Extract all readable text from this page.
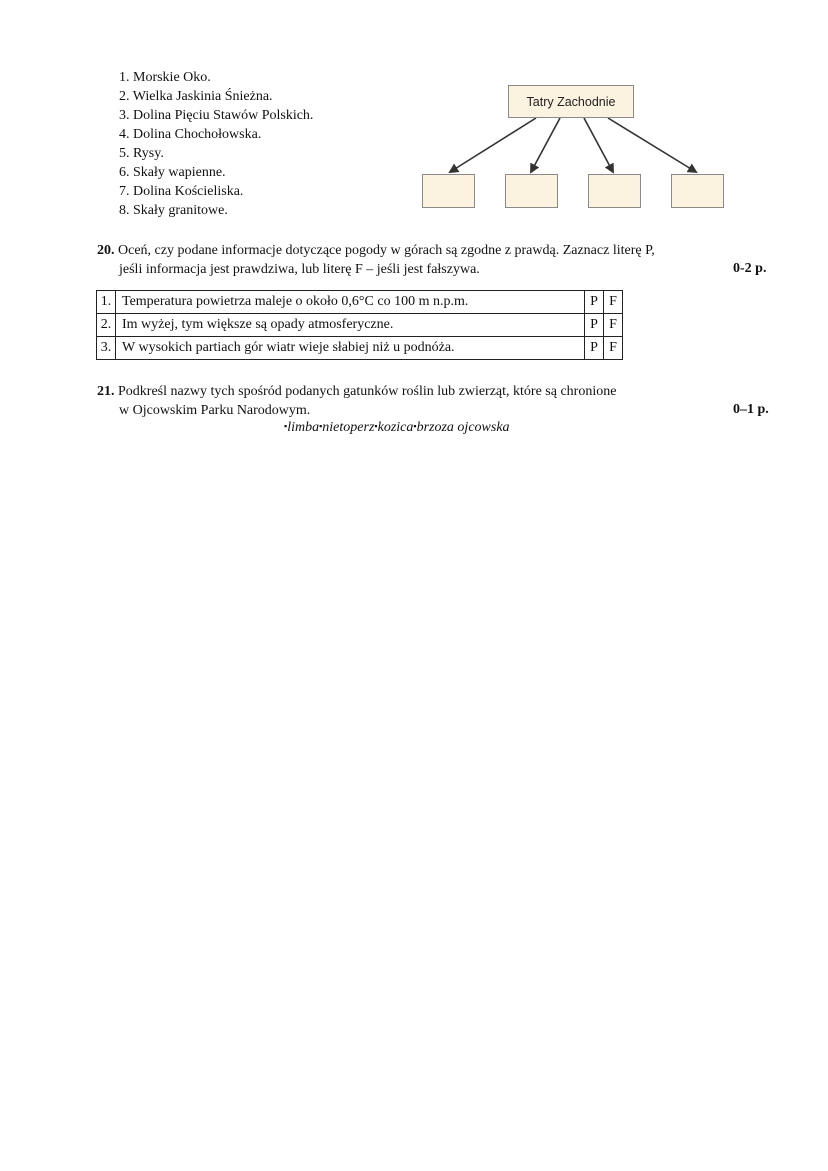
1. Morskie Oko.
2. Wielka Jaskinia Śnieżna.
3. Dolina Pięciu Stawów Polskich.
4. Dolina Chochołowska.
5. Rysy.
6. Skały wapienne.
7. Dolina Kościeliska.
8. Skały granitowe.
Tatry Zachodnie
20. Oceń, czy podane informacje dotyczące pogody w górach są zgodne z prawdą. Zaznacz literę P,
jeśli informacja jest prawdziwa, lub literę F – jeśli jest fałszywa.	0-2 p.
1.	Temperatura powietrza maleje o około 0,6°C co 100 m n.p.m.	P	F
2.	Im wyżej, tym większe są opady atmosferyczne.	P	F
3.	W wysokich partiach gór wiatr wieje słabiej niż u podnóża.	P	F
21. Podkreśl nazwy tych spośród podanych gatunków roślin lub zwierząt, które są chronione
w Ojcowskim Parku Narodowym.	0–1 p.
▪limba▪nietoperz▪kozica▪brzoza ojcowska
